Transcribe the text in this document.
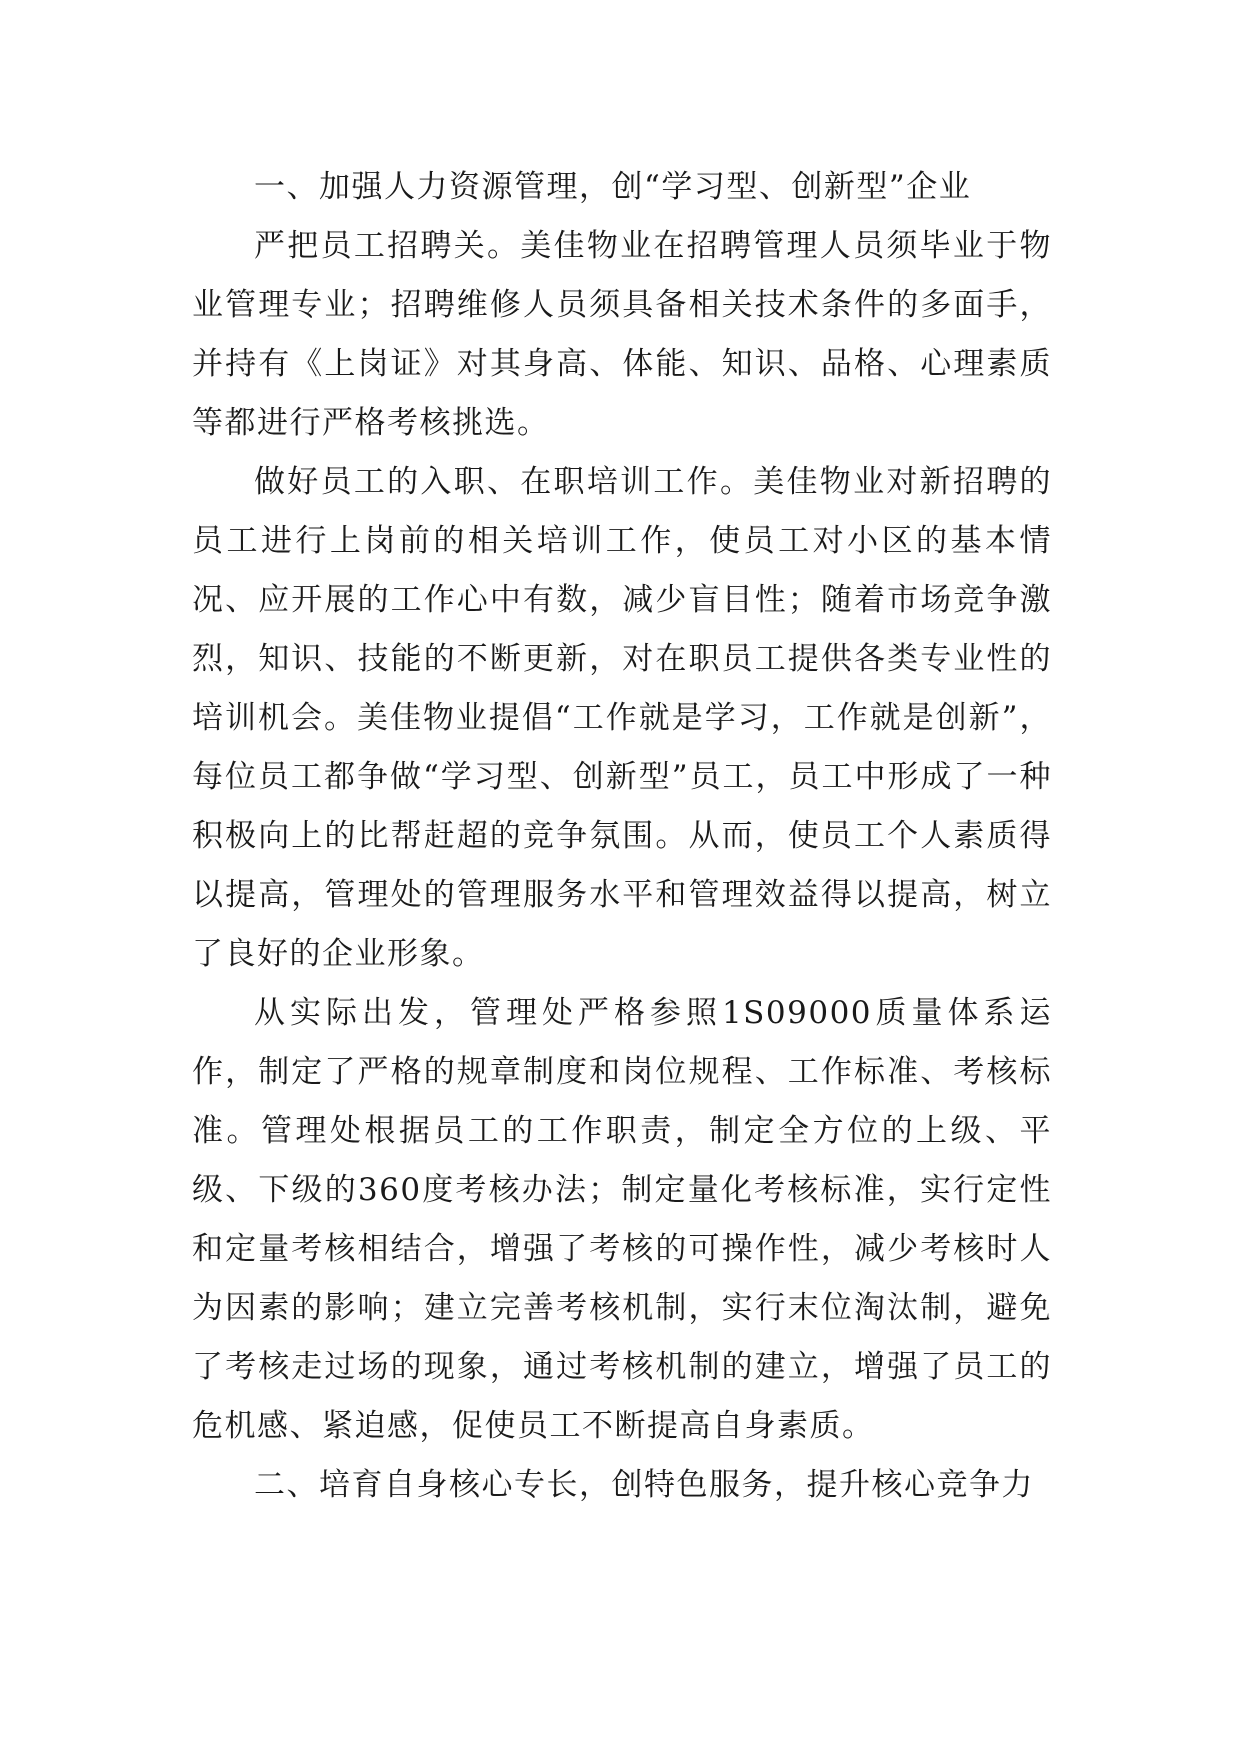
一、加强人力资源管理，创“学习型、创新型”企业

严把员工招聘关。美佳物业在招聘管理人员须毕业于物业管理专业；招聘维修人员须具备相关技术条件的多面手，并持有《上岗证》对其身高、体能、知识、品格、心理素质等都进行严格考核挑选。

做好员工的入职、在职培训工作。美佳物业对新招聘的员工进行上岗前的相关培训工作，使员工对小区的基本情况、应开展的工作心中有数，减少盲目性；随着市场竞争激烈，知识、技能的不断更新，对在职员工提供各类专业性的培训机会。美佳物业提倡“工作就是学习，工作就是创新”，每位员工都争做“学习型、创新型”员工，员工中形成了一种积极向上的比帮赶超的竞争氛围。从而，使员工个人素质得以提高，管理处的管理服务水平和管理效益得以提高，树立了良好的企业形象。

从实际出发，管理处严格参照1S09000质量体系运作，制定了严格的规章制度和岗位规程、工作标准、考核标准。管理处根据员工的工作职责，制定全方位的上级、平级、下级的360度考核办法；制定量化考核标准，实行定性和定量考核相结合，增强了考核的可操作性，减少考核时人为因素的影响；建立完善考核机制，实行末位淘汰制，避免了考核走过场的现象，通过考核机制的建立，增强了员工的危机感、紧迫感，促使员工不断提高自身素质。

二、培育自身核心专长，创特色服务，提升核心竞争力
